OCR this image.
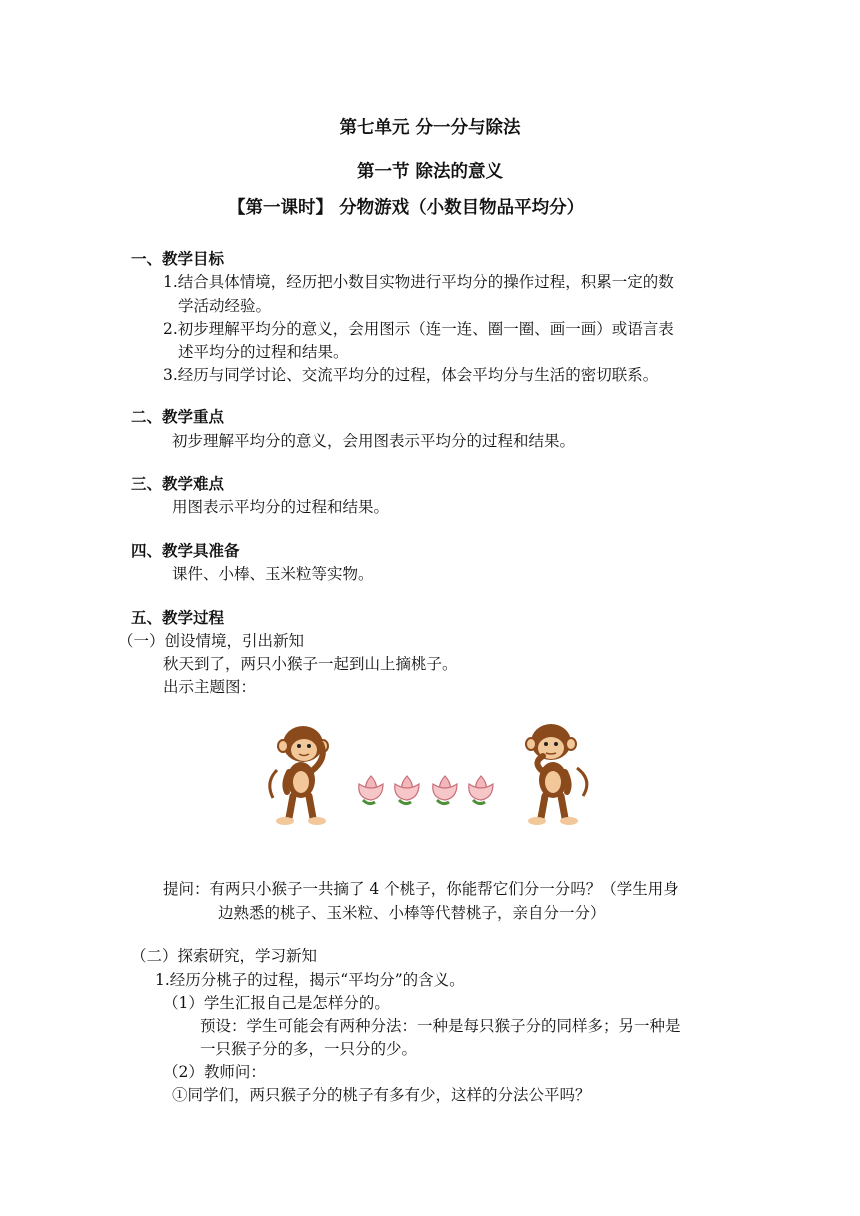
第七单元 分一分与除法
第一节 除法的意义
【第一课时】 分物游戏（小数目物品平均分）
一、教学目标
1.结合具体情境，经历把小数目实物进行平均分的操作过程，积累一定的数
学活动经验。
2.初步理解平均分的意义，会用图示（连一连、圈一圈、画一画）或语言表
述平均分的过程和结果。
3.经历与同学讨论、交流平均分的过程，体会平均分与生活的密切联系。
二、教学重点
初步理解平均分的意义，会用图表示平均分的过程和结果。
三、教学难点
用图表示平均分的过程和结果。
四、教学具准备
课件、小棒、玉米粒等实物。
五、教学过程
（一）创设情境，引出新知
秋天到了，两只小猴子一起到山上摘桃子。
出示主题图：
提问：有两只小猴子一共摘了 4 个桃子，你能帮它们分一分吗？（学生用身
边熟悉的桃子、玉米粒、小棒等代替桃子，亲自分一分）
（二）探索研究，学习新知
1.经历分桃子的过程，揭示“平均分”的含义。
（1）学生汇报自己是怎样分的。
预设：学生可能会有两种分法：一种是每只猴子分的同样多；另一种是
一只猴子分的多，一只分的少。
（2）教师问：
①同学们，两只猴子分的桃子有多有少，这样的分法公平吗？
